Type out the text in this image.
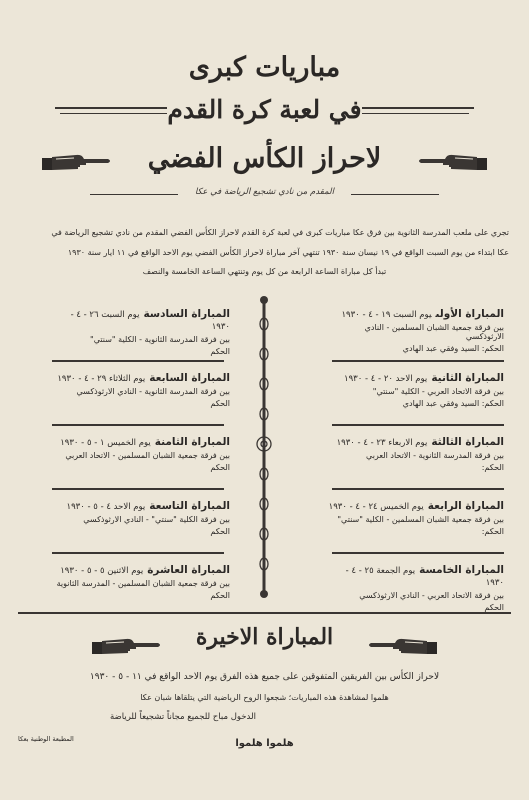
مباريات كبرى
في لعبة كرة القدم
لاحراز الكأس الفضي
المقدم من نادي تشجيع الرياضة في عكا
تجري على ملعب المدرسة الثانوية بين فرق عكا مباريات كبرى في لعبة كرة القدم لاحراز الكأس الفضي المقدم من نادي تشجيع الرياضة في
عكا ابتداء من يوم السبت الواقع في ١٩ نيسان سنة ١٩٣٠ تنتهي آخر مباراة لاحراز الكأس الفضي يوم الاحد الواقع في ١١ ايار سنة ١٩٣٠
تبدأ كل مباراة الساعة الرابعة من كل يوم وتنتهي الساعة الخامسة والنصف
المباراة الأولىيوم السبت ١٩ - ٤ - ١٩٣٠
بين فرقة جمعية الشبان المسلمين - النادي الارثوذكسي
الحكم: السيد وفقي عبد الهادي
المباراة الثانيةيوم الاحد ٢٠ - ٤ - ١٩٣٠
بين فرقة الاتحاد العربي - الكلية "سنتي"
الحكم: السيد وفقي عبد الهادي
المباراة الثالثةيوم الاربعاء ٢٣ - ٤ - ١٩٣٠
بين فرقة المدرسة الثانوية - الاتحاد العربي
الحكم:
المباراة الرابعةيوم الخميس ٢٤ - ٤ - ١٩٣٠
بين فرقة جمعية الشبان المسلمين - الكلية "سنتي"
الحكم:
المباراة الخامسةيوم الجمعة ٢٥ - ٤ - ١٩٣٠
بين فرقة الاتحاد العربي - النادي الارثوذكسي
الحكم
المباراة السادسةيوم السبت ٢٦ - ٤ - ١٩٣٠
بين فرقة المدرسة الثانوية - الكلية "سنتي"
الحكم
المباراة السابعةيوم الثلاثاء ٢٩ - ٤ - ١٩٣٠
بين فرقة المدرسة الثانوية - النادي الارثوذكسي
الحكم
المباراة الثامنةيوم الخميس ١ - ٥ - ١٩٣٠
بين فرقة جمعية الشبان المسلمين - الاتحاد العربي
الحكم
المباراة التاسعةيوم الاحد ٤ - ٥ - ١٩٣٠
بين فرقة الكلية "سنتي" - النادي الارثوذكسي
الحكم
المباراة العاشرةيوم الاثنين ٥ - ٥ - ١٩٣٠
بين فرقة جمعية الشبان المسلمين - المدرسة الثانوية
الحكم
المباراة الاخيرة
لاحراز الكأس بين الفريقين المتفوقين على جميع هذه الفرق يوم الاحد الواقع في ١١ - ٥ - ١٩٣٠
هلموا لمشاهدة هذه المباريات؛ شجعوا الروح الرياضية التي يتلقاها شبان عكا
الدخول مباح للجميع مجاناً تشجيعاً للرياضة
هلموا هلموا
المطبعة الوطنية بعكا
